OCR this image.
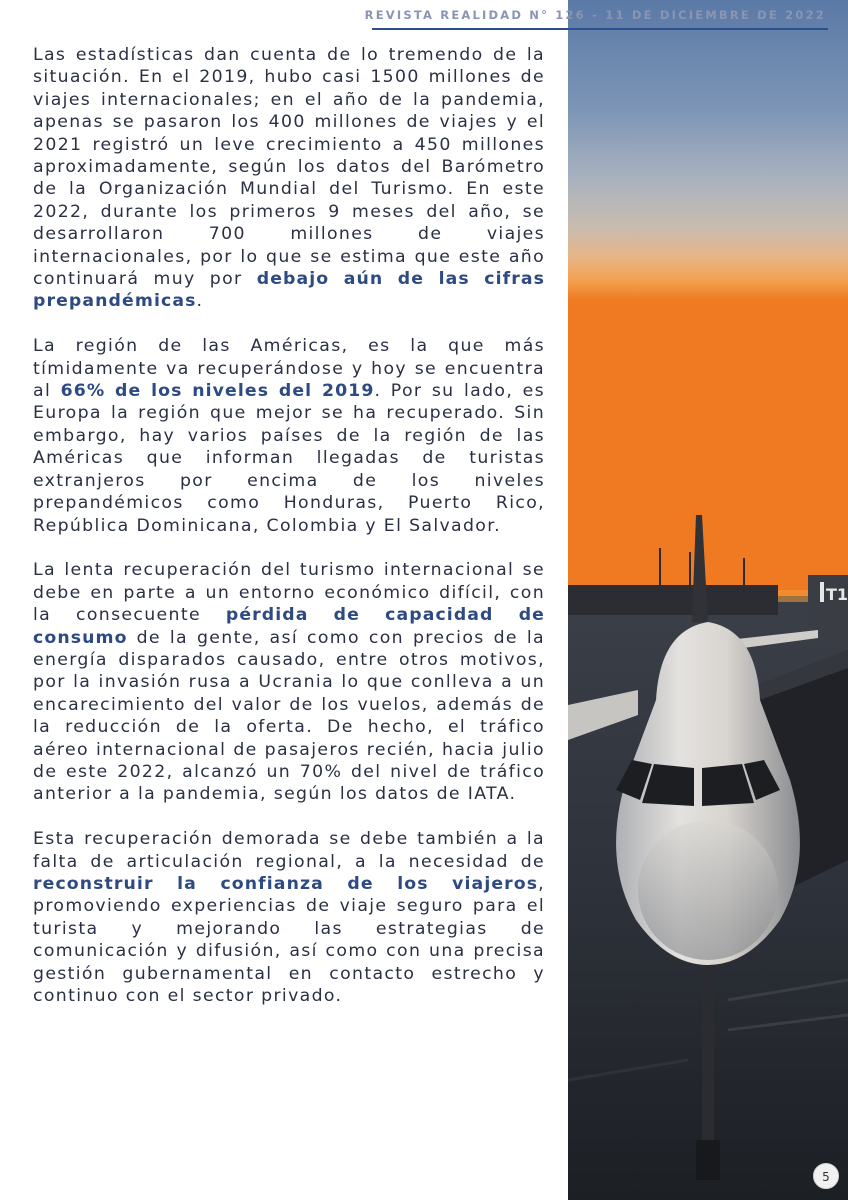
T1
REVISTA REALIDAD N° 126 - 11 DE DICIEMBRE DE 2022

Las estadísticas dan cuenta de lo tremendo de la situación. En el 2019, hubo casi 1500 millones de viajes internacionales; en el año de la pandemia, apenas se pasaron los 400 millones de viajes y el 2021 registró un leve crecimiento a 450 millones aproximadamente, según los datos del Barómetro de la Organización Mundial del Turismo. En este 2022, durante los primeros 9 meses del año, se desarrollaron 700 millones de viajes internacionales, por lo que se estima que este año continuará muy por debajo aún de las cifras prepandémicas.

La región de las Américas, es la que más tímidamente va recuperándose y hoy se encuentra al 66% de los niveles del 2019. Por su lado, es Europa la región que mejor se ha recuperado. Sin embargo, hay varios países de la región de las Américas que informan llegadas de turistas extranjeros por encima de los niveles prepandémicos como Honduras, Puerto Rico, República Dominicana, Colombia y El Salvador.

La lenta recuperación del turismo internacional se debe en parte a un entorno económico difícil, con la consecuente pérdida de capacidad de consumo de la gente, así como con precios de la energía disparados causado, entre otros motivos, por la invasión rusa a Ucrania lo que conlleva a un encarecimiento del valor de los vuelos, además de la reducción de la oferta. De hecho, el tráfico aéreo internacional de pasajeros recién, hacia julio de este 2022, alcanzó un 70% del nivel de tráfico anterior a la pandemia, según los datos de IATA.

Esta recuperación demorada se debe también a la falta de articulación regional, a la necesidad de reconstruir la confianza de los viajeros, promoviendo experiencias de viaje seguro para el turista y mejorando las estrategias de comunicación y difusión, así como con una precisa gestión gubernamental en contacto estrecho y continuo con el sector privado.

5
